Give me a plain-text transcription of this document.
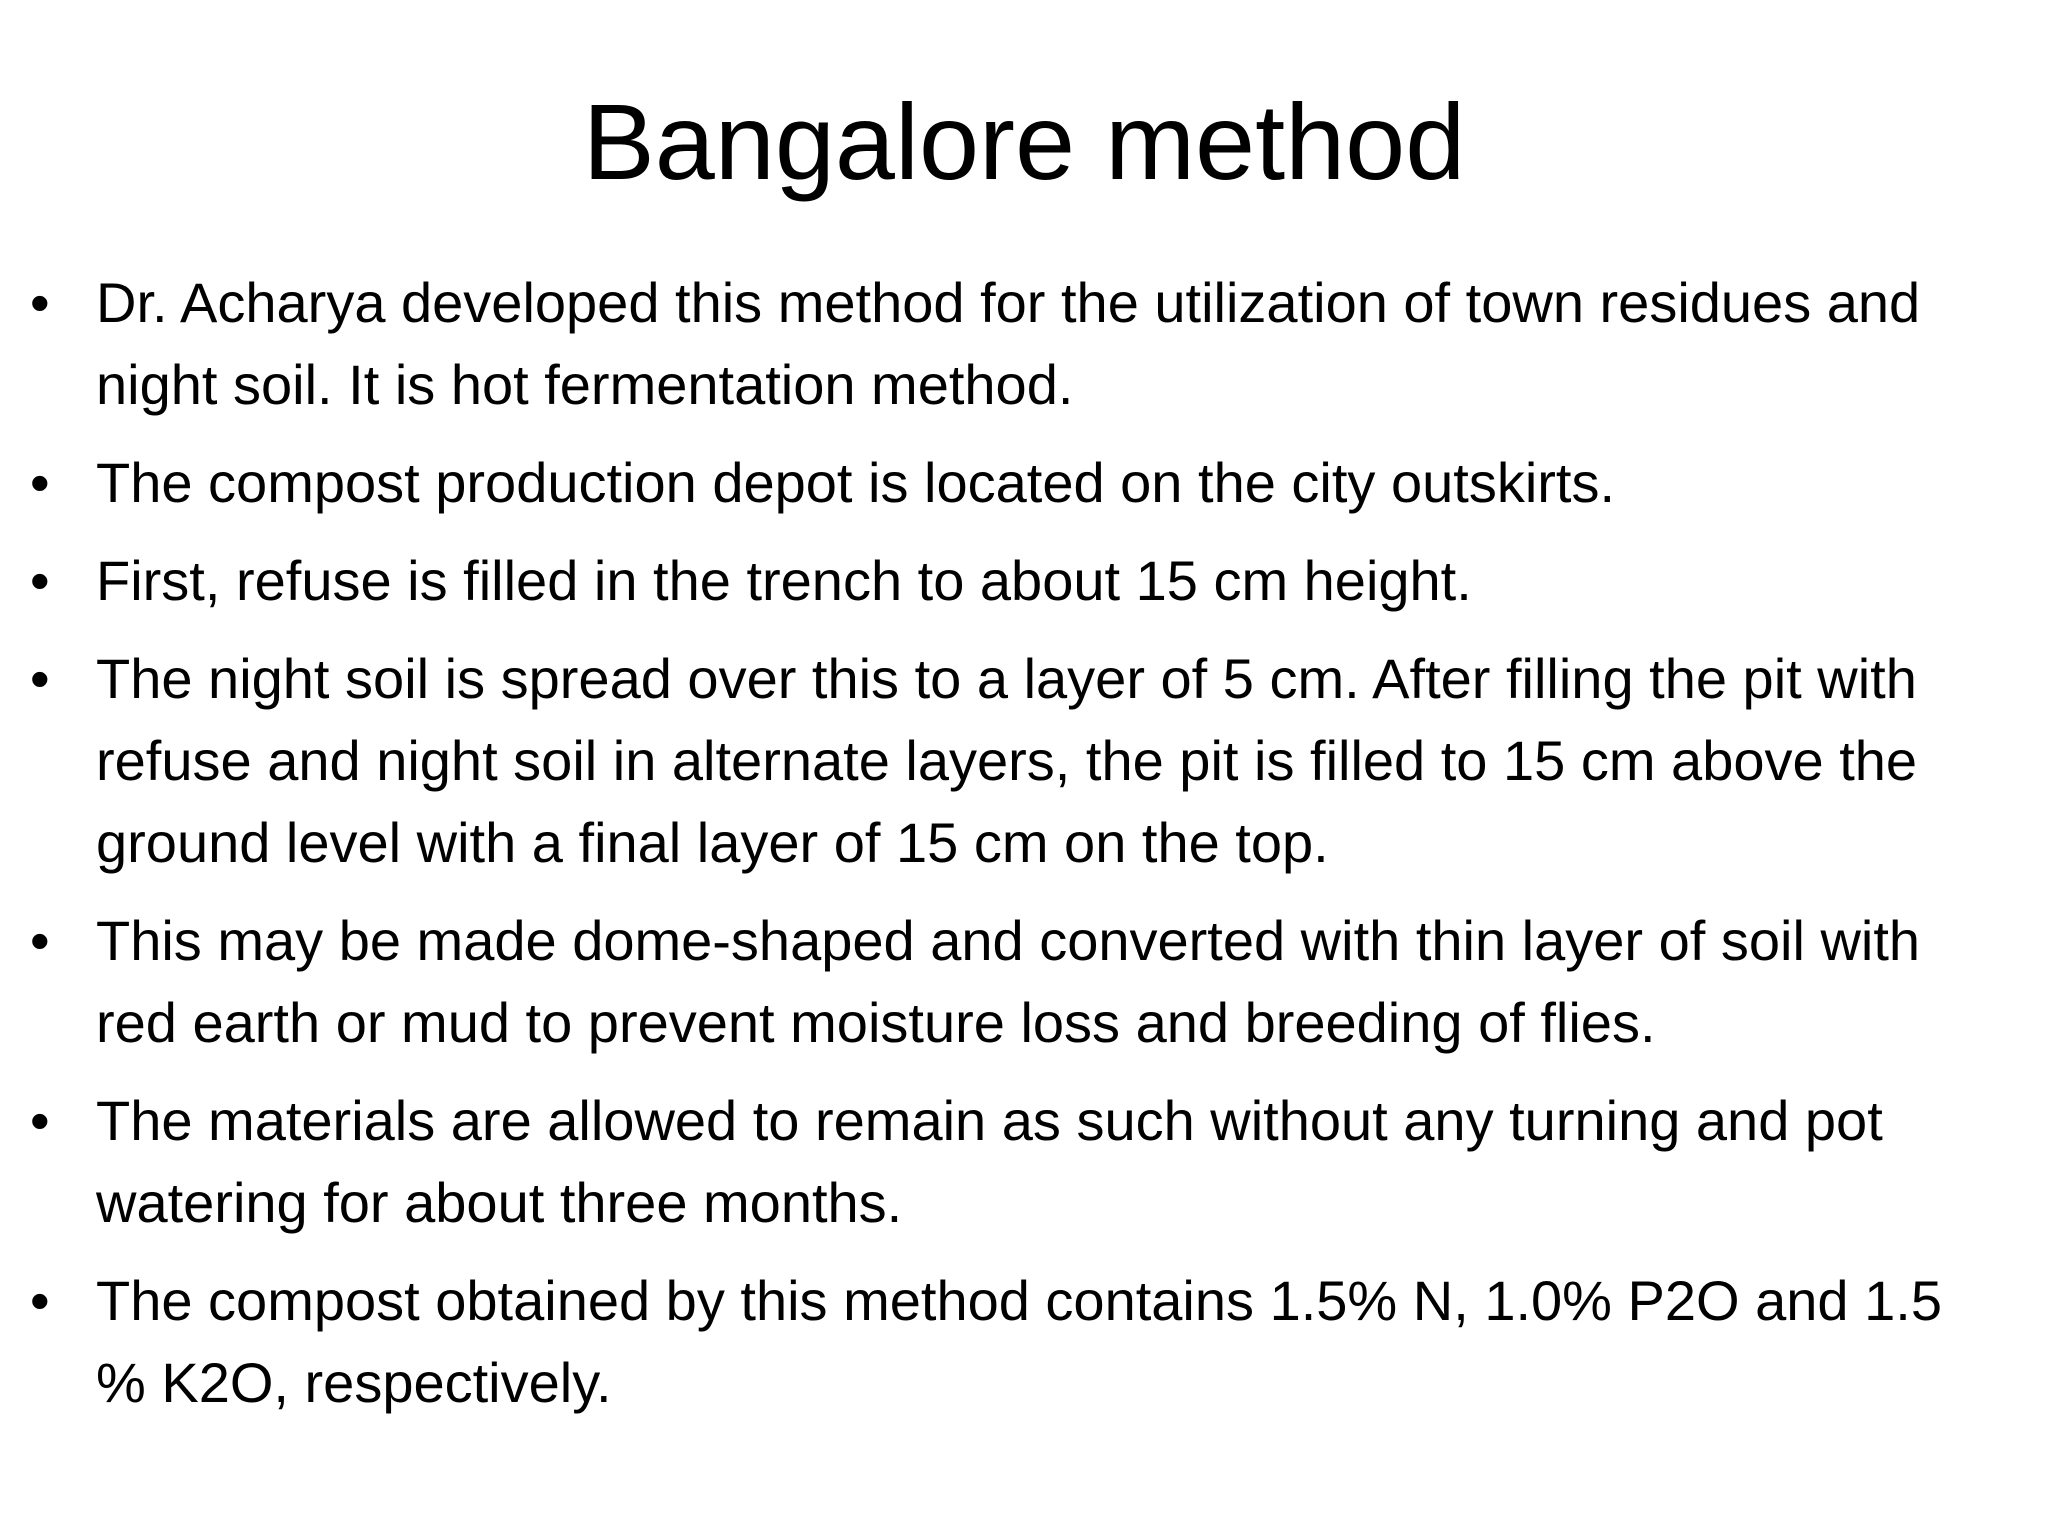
Bangalore method
• Dr. Acharya developed this method for the utilization of town residues and night soil. It is hot fermentation method.
• The compost production depot is located on the city outskirts.
• First, refuse is filled in the trench to about 15 cm height.
• The night soil is spread over this to a layer of 5 cm. After filling the pit with refuse and night soil in alternate layers, the pit is filled to 15 cm above the ground level with a final layer of 15 cm on the top.
• This may be made dome-shaped and converted with thin layer of soil with red earth or mud to prevent moisture loss and breeding of flies.
• The materials are allowed to remain as such without any turning and pot watering for about three months.
• The compost obtained by this method contains 1.5% N, 1.0% P2O and 1.5 % K2O, respectively.
